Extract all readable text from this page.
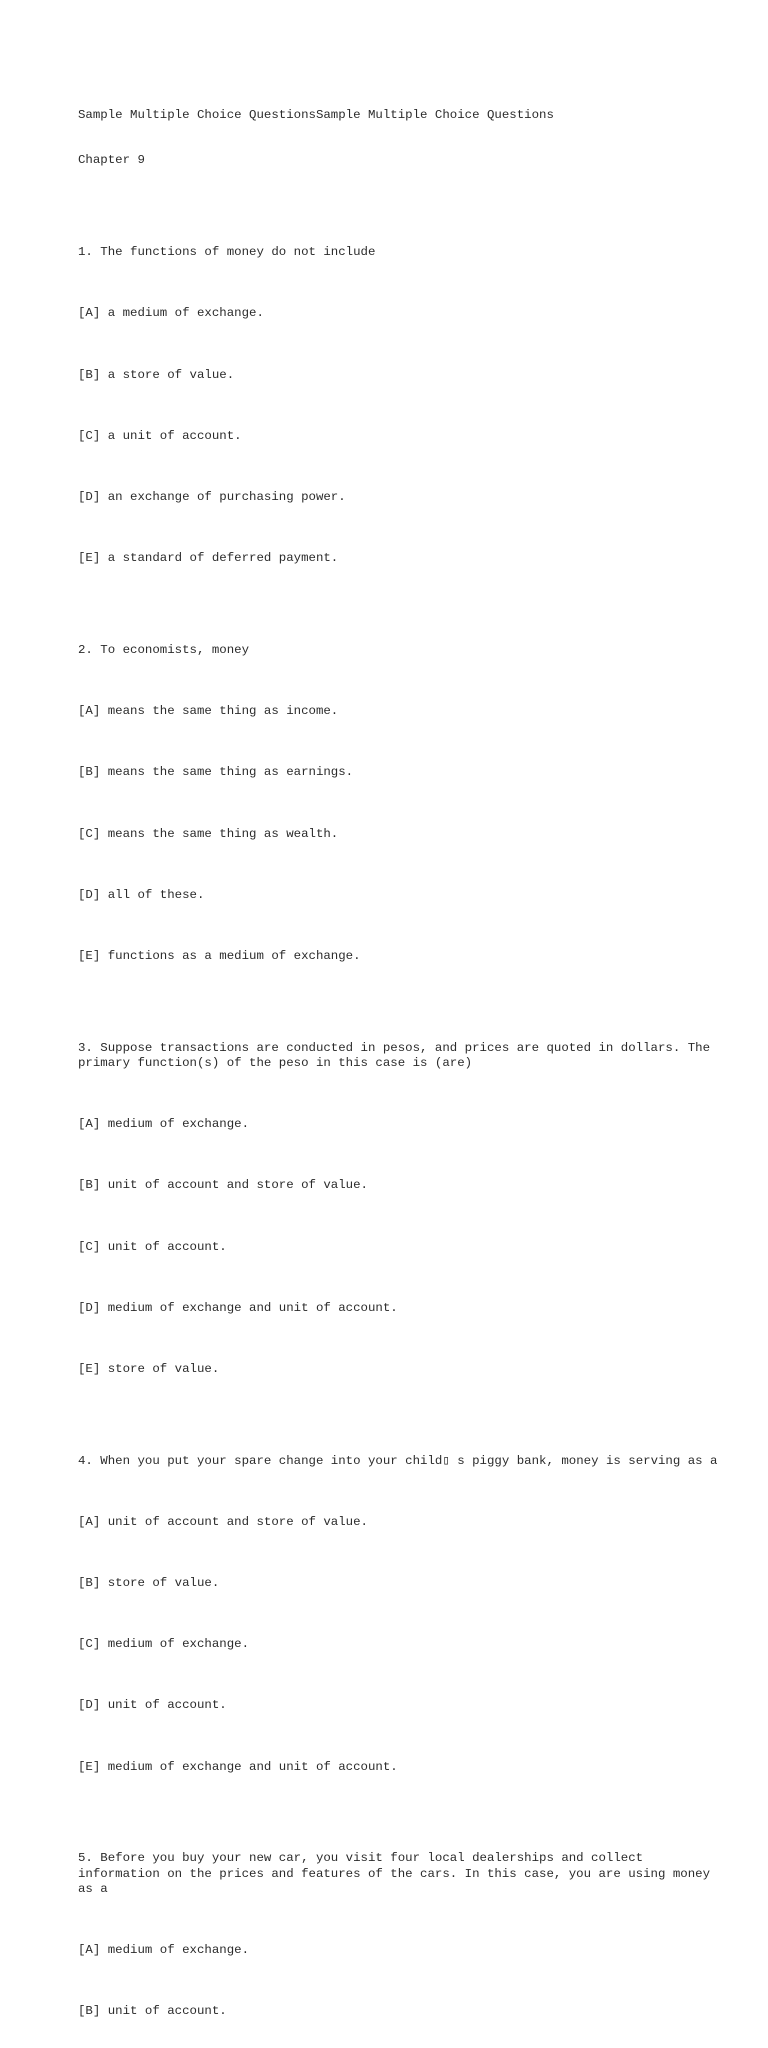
Sample Multiple Choice QuestionsSample Multiple Choice Questions

Chapter 9

1. The functions of money do not include

[A] a medium of exchange.

[B] a store of value.

[C] a unit of account.

[D] an exchange of purchasing power.

[E] a standard of deferred payment.

2. To economists, money

[A] means the same thing as income.

[B] means the same thing as earnings.

[C] means the same thing as wealth.

[D] all of these.

[E] functions as a medium of exchange.

3. Suppose transactions are conducted in pesos, and prices are quoted in dollars. The primary function(s) of the peso in this case is (are)

[A] medium of exchange.

[B] unit of account and store of value.

[C] unit of account.

[D] medium of exchange and unit of account.

[E] store of value.

4. When you put your spare change into your child▯ s piggy bank, money is serving as a

[A] unit of account and store of value.

[B] store of value.

[C] medium of exchange.

[D] unit of account.

[E] medium of exchange and unit of account.

5. Before you buy your new car, you visit four local dealerships and collect information on the prices and features of the cars. In this case, you are using money as a

[A] medium of exchange.

[B] unit of account.
